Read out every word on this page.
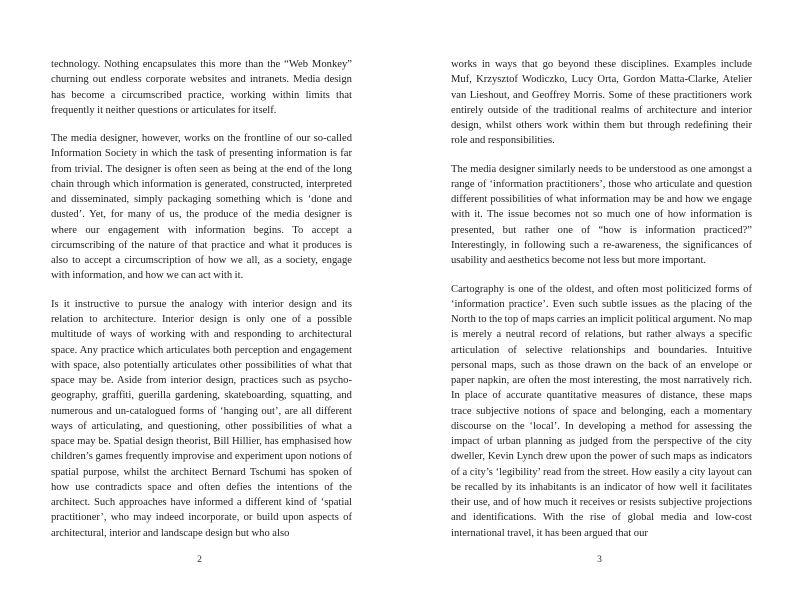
technology. Nothing encapsulates this more than the “Web Monkey” churning out endless corporate websites and intranets. Media design has become a circumscribed practice, working within limits that frequently it neither questions or articulates for itself.

The media designer, however, works on the frontline of our so-called Information Society in which the task of presenting information is far from trivial. The designer is often seen as being at the end of the long chain through which information is generated, constructed, interpreted and disseminated, simply packaging something which is ‘done and dusted’. Yet, for many of us, the produce of the media designer is where our engagement with information begins. To accept a circumscribing of the nature of that practice and what it produces is also to accept a circumscription of how we all, as a society, engage with information, and how we can act with it.

Is it instructive to pursue the analogy with interior design and its relation to architecture. Interior design is only one of a possible multitude of ways of working with and responding to architectural space. Any practice which articulates both perception and engagement with space, also potentially articulates other possibilities of what that space may be. Aside from interior design, practices such as psycho-geography, graffiti, guerilla gardening, skateboarding, squatting, and numerous and un-catalogued forms of ‘hanging out’, are all different ways of articulating, and questioning, other possibilities of what a space may be. Spatial design theorist, Bill Hillier, has emphasised how children’s games frequently improvise and experiment upon notions of spatial purpose, whilst the architect Bernard Tschumi has spoken of how use contradicts space and often defies the intentions of the architect. Such approaches have informed a different kind of ‘spatial practitioner’, who may indeed incorporate, or build upon aspects of architectural, interior and landscape design but who also

2

works in ways that go beyond these disciplines. Examples include Muf, Krzysztof Wodiczko, Lucy Orta, Gordon Matta-Clarke, Atelier van Lieshout, and Geoffrey Morris. Some of these practitioners work entirely outside of the traditional realms of architecture and interior design, whilst others work within them but through redefining their role and responsibilities.

The media designer similarly needs to be understood as one amongst a range of ‘information practitioners’, those who articulate and question different possibilities of what information may be and how we engage with it. The issue becomes not so much one of how information is presented, but rather one of “how is information practiced?” Interestingly, in following such a re-awareness, the significances of usability and aesthetics become not less but more important.

Cartography is one of the oldest, and often most politicized forms of ‘information practice’. Even such subtle issues as the placing of the North to the top of maps carries an implicit political argument. No map is merely a neutral record of relations, but rather always a specific articulation of selective relationships and boundaries. Intuitive personal maps, such as those drawn on the back of an envelope or paper napkin, are often the most interesting, the most narratively rich. In place of accurate quantitative measures of distance, these maps trace subjective notions of space and belonging, each a momentary discourse on the ‘local’. In developing a method for assessing the impact of urban planning as judged from the perspective of the city dweller, Kevin Lynch drew upon the power of such maps as indicators of a city’s ‘legibility’ read from the street. How easily a city layout can be recalled by its inhabitants is an indicator of how well it facilitates their use, and of how much it receives or resists subjective projections and identifications. With the rise of global media and low-cost international travel, it has been argued that our

3
